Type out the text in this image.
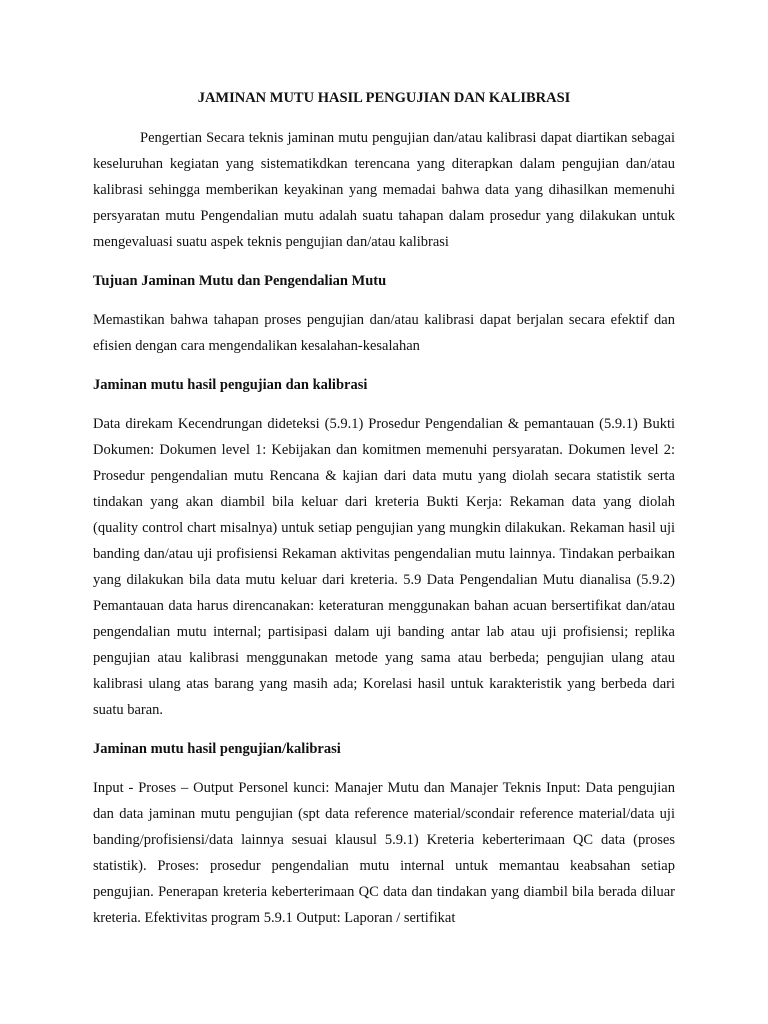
JAMINAN MUTU HASIL PENGUJIAN DAN KALIBRASI

Pengertian Secara teknis jaminan mutu pengujian dan/atau kalibrasi dapat diartikan sebagai keseluruhan kegiatan yang sistematikdkan terencana yang diterapkan dalam pengujian dan/atau kalibrasi sehingga memberikan keyakinan yang memadai bahwa data yang dihasilkan memenuhi persyaratan mutu Pengendalian mutu adalah suatu tahapan dalam prosedur yang dilakukan untuk mengevaluasi suatu aspek teknis pengujian dan/atau kalibrasi

Tujuan Jaminan Mutu dan Pengendalian Mutu

Memastikan bahwa tahapan proses pengujian dan/atau kalibrasi dapat berjalan secara efektif dan efisien dengan cara mengendalikan kesalahan-kesalahan

Jaminan mutu hasil pengujian dan kalibrasi

Data direkam Kecendrungan dideteksi (5.9.1) Prosedur Pengendalian & pemantauan (5.9.1) Bukti Dokumen: Dokumen level 1: Kebijakan dan komitmen memenuhi persyaratan. Dokumen level 2: Prosedur pengendalian mutu Rencana & kajian dari data mutu yang diolah secara statistik serta tindakan yang akan diambil bila keluar dari kreteria Bukti Kerja: Rekaman data yang diolah (quality control chart misalnya) untuk setiap pengujian yang mungkin dilakukan. Rekaman hasil uji banding dan/atau uji profisiensi Rekaman aktivitas pengendalian mutu lainnya. Tindakan perbaikan yang dilakukan bila data mutu keluar dari kreteria. 5.9 Data Pengendalian Mutu dianalisa (5.9.2) Pemantauan data harus direncanakan: keteraturan menggunakan bahan acuan bersertifikat dan/atau pengendalian mutu internal; partisipasi dalam uji banding antar lab atau uji profisiensi; replika pengujian atau kalibrasi menggunakan metode yang sama atau berbeda; pengujian ulang atau kalibrasi ulang atas barang yang masih ada; Korelasi hasil untuk karakteristik yang berbeda dari suatu baran.

Jaminan mutu hasil pengujian/kalibrasi

Input - Proses – Output Personel kunci: Manajer Mutu dan Manajer Teknis Input: Data pengujian dan data jaminan mutu pengujian (spt data reference material/scondair reference material/data uji banding/profisiensi/data lainnya sesuai klausul 5.9.1) Kreteria keberterimaan QC data (proses statistik). Proses: prosedur pengendalian mutu internal untuk memantau keabsahan setiap pengujian. Penerapan kreteria keberterimaan QC data dan tindakan yang diambil bila berada diluar kreteria. Efektivitas program 5.9.1 Output: Laporan / sertifikat
